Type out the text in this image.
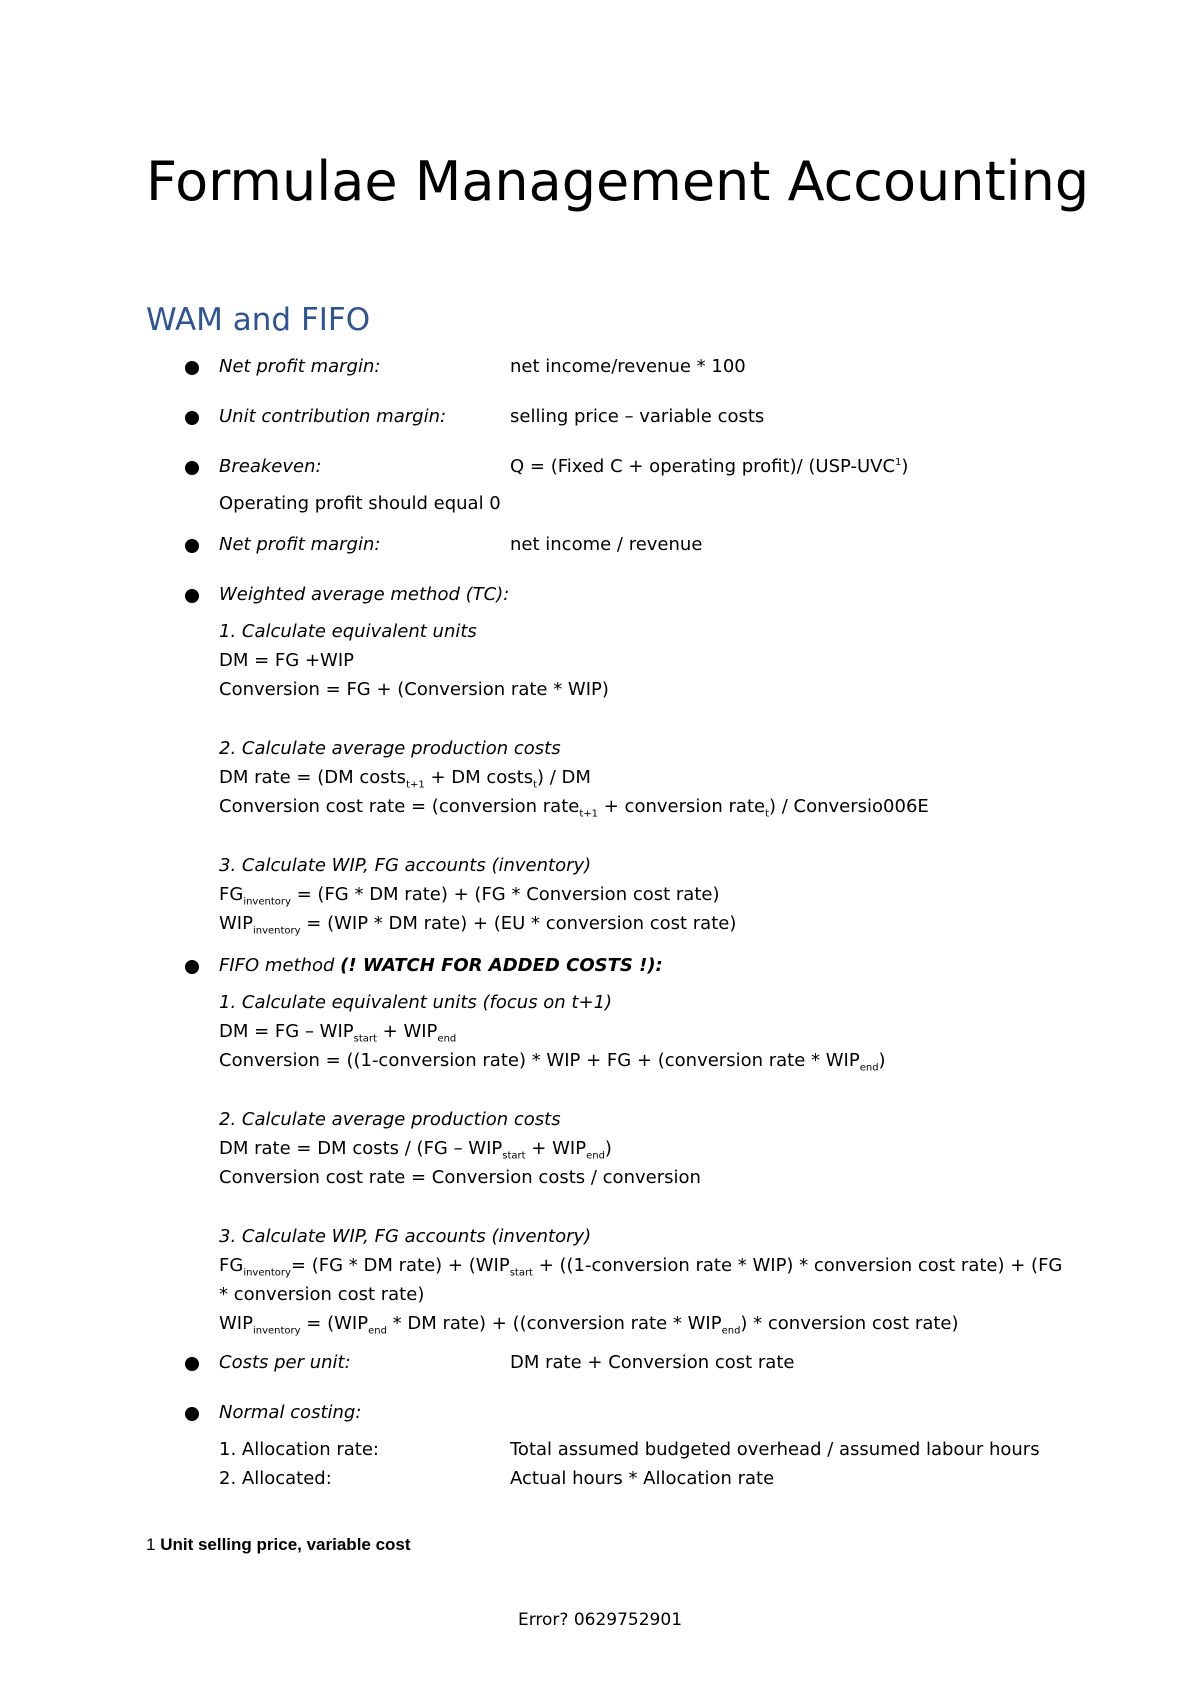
Formulae Management Accounting
WAM and FIFO
Net profit margin:	net income/revenue * 100
Unit contribution margin:	selling price – variable costs
Breakeven:	Q = (Fixed C + operating profit)/ (USP-UVC$^1$)
Operating profit should equal 0
Net profit margin:	net income / revenue
Weighted average method (TC):
1. Calculate equivalent units
DM = FG +WIP
Conversion = FG + (Conversion rate * WIP)
2. Calculate average production costs
DM rate = (DM costs$_{t+1}$ + DM costs$_t$) / DM
Conversion cost rate = (conversion rate$_{t+1}$ + conversion rate$_t$) / Conversio006E
3. Calculate WIP, FG accounts (inventory)
$FG_{inventory} = (FG$ * DM rate) + (FG * Conversion cost rate)
$WIP_{inventory} = (WIP$ * DM rate) + (EU * conversion cost rate)
FIFO method (! WATCH FOR ADDED COSTS !):
1. Calculate equivalent units (focus on t+1)
DM = FG – $WIP_{start} + WIP_{end}$
Conversion = ((1-conversion rate) * WIP + FG + (conversion rate * $WIP_{end}$)
2. Calculate average production costs
DM rate = DM costs / $(FG - WIP_{start} + WIP_{end})$
Conversion cost rate = Conversion costs / conversion
3. Calculate WIP, FG accounts (inventory)
$FG_{inventory}= (FG$ * DM rate) + ($WIP_{start}$ + ((1-conversion rate * WIP) * conversion cost rate) + (FG
* conversion cost rate)
$WIP_{inventory} = (WIP_{end}$ * DM rate) + ((conversion rate * $WIP_{end}$) * conversion cost rate)
Costs per unit:	DM rate + Conversion cost rate
Normal costing:
1. Allocation rate:	Total assumed budgeted overhead / assumed labour hours
2. Allocated:	Actual hours * Allocation rate
1 Unit selling price, variable cost
Error? 0629752901
